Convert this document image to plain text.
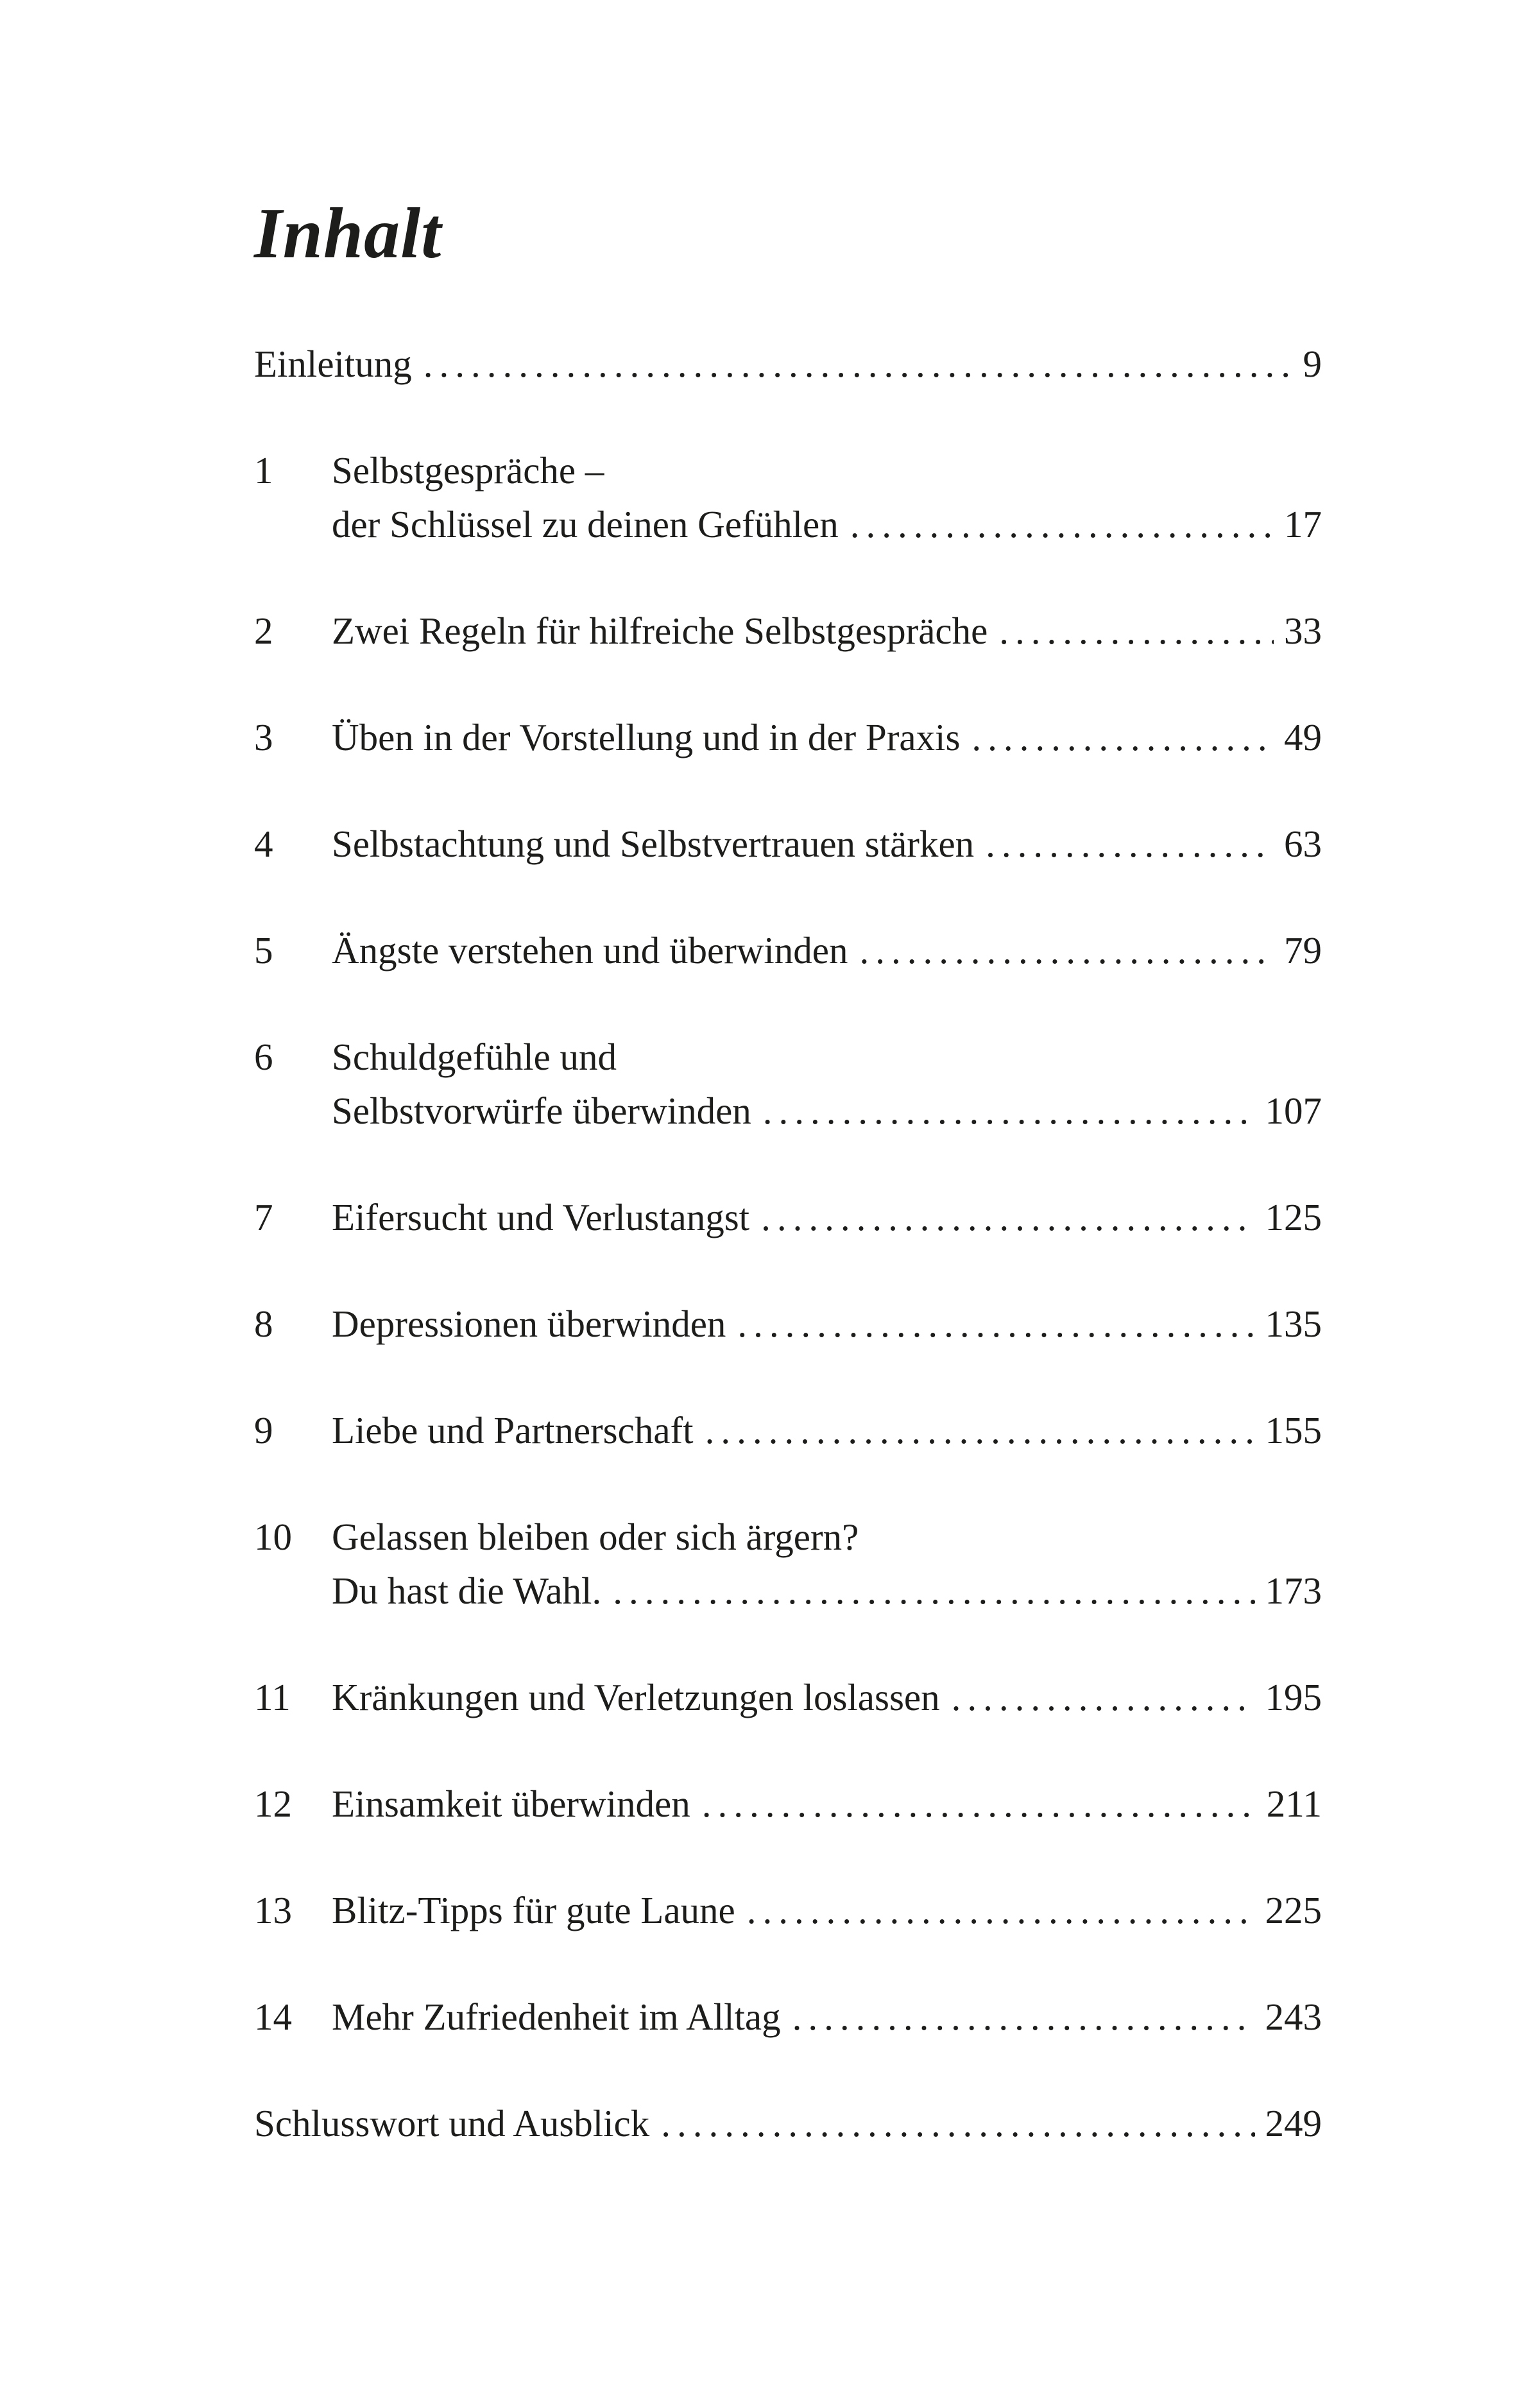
Inhalt
Einleitung .....	9
1	Selbstgespräche –
der Schlüssel zu deinen Gefühlen .....	17
2	Zwei Regeln für hilfreiche Selbstgespräche .....	33
3	Üben in der Vorstellung und in der Praxis .....	49
4	Selbstachtung und Selbstvertrauen stärken .....	63
5	Ängste verstehen und überwinden .....	79
6	Schuldgefühle und
Selbstvorwürfe überwinden .....	107
7	Eifersucht und Verlustangst .....	125
8	Depressionen überwinden .....	135
9	Liebe und Partnerschaft .....	155
10	Gelassen bleiben oder sich ärgern?
Du hast die Wahl. .....	173
11	Kränkungen und Verletzungen loslassen .....	195
12	Einsamkeit überwinden .....	211
13	Blitz-Tipps für gute Laune .....	225
14	Mehr Zufriedenheit im Alltag .....	243
Schlusswort und Ausblick .....	249
